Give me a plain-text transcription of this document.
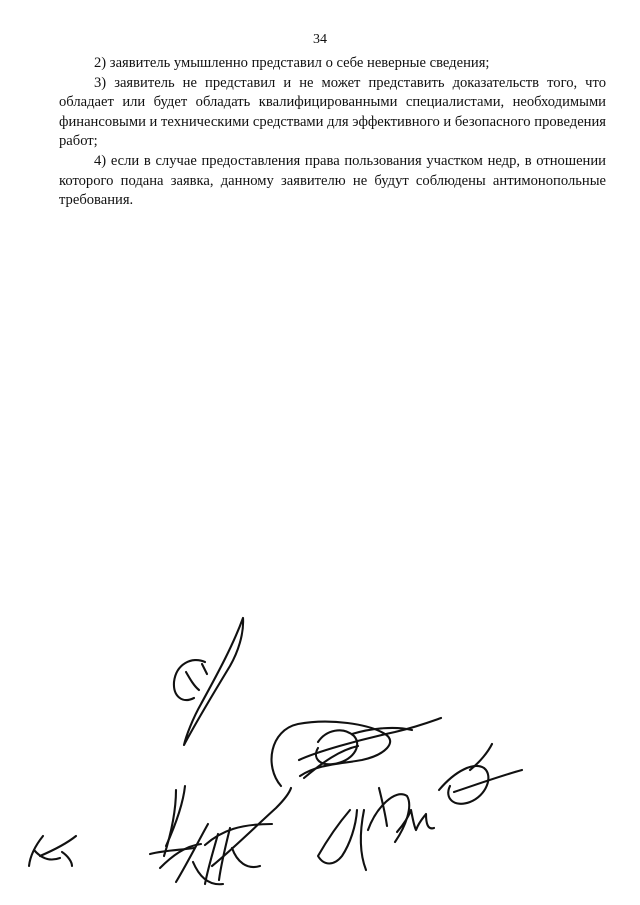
34

2) заявитель умышленно представил о себе неверные сведения;

3) заявитель не представил и не может представить доказательств того, что обладает или будет обладать квалифицированными специалистами, необходимыми финансовыми и техническими средствами для эффективного и безопасного проведения работ;

4) если в случае предоставления права пользования участком недр, в отношении которого подана заявка, данному заявителю не будут соблюдены антимонопольные требования.
